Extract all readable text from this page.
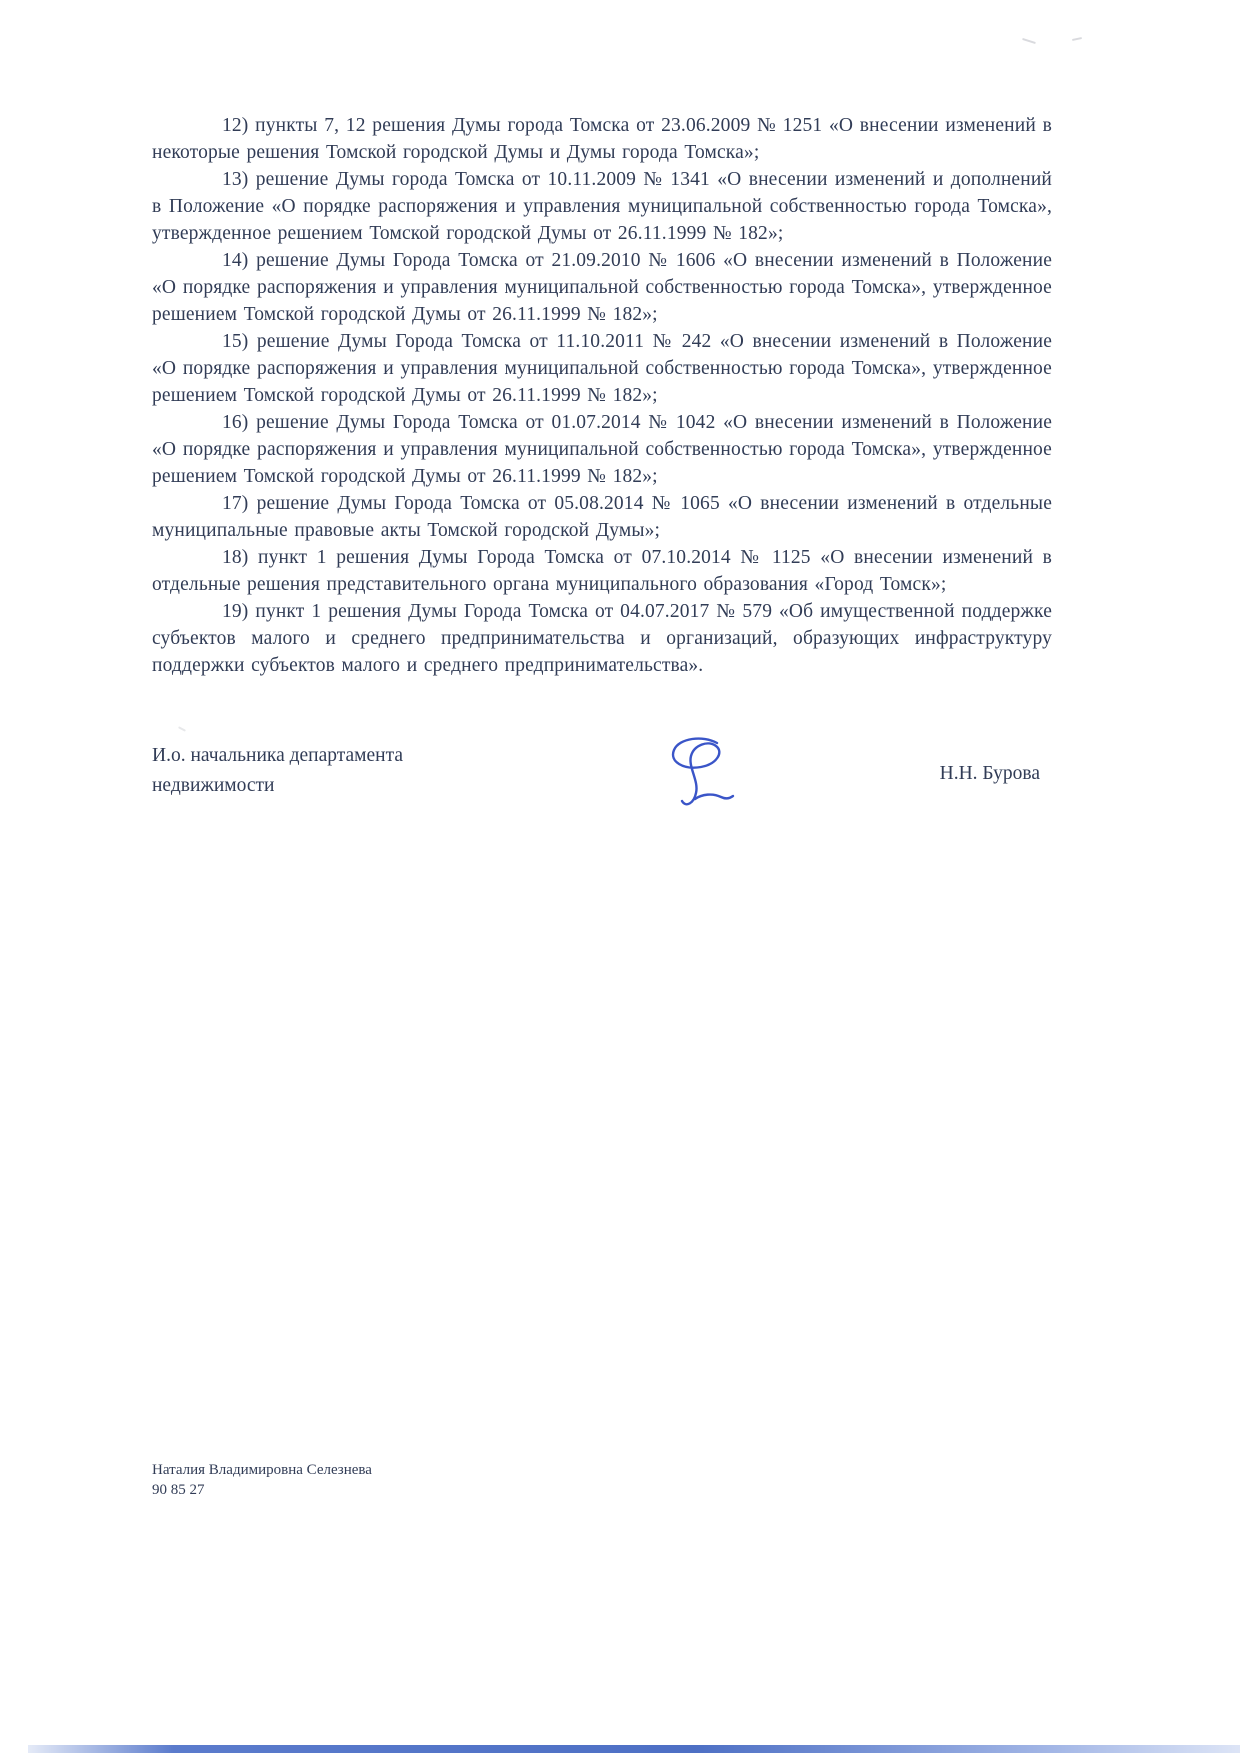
12) пункты 7, 12 решения Думы города Томска от 23.06.2009 № 1251 «О внесении изменений в некоторые решения Томской городской Думы и Думы города Томска»;

13) решение Думы города Томска от 10.11.2009 № 1341 «О внесении изменений и дополнений в Положение «О порядке распоряжения и управления муниципальной собственностью города Томска», утвержденное решением Томской городской Думы от 26.11.1999 № 182»;

14) решение Думы Города Томска от 21.09.2010 № 1606 «О внесении изменений в Положение «О порядке распоряжения и управления муниципальной собственностью города Томска», утвержденное решением Томской городской Думы от 26.11.1999 № 182»;

15) решение Думы Города Томска от 11.10.2011 № 242 «О внесении изменений в Положение «О порядке распоряжения и управления муниципальной собственностью города Томска», утвержденное решением Томской городской Думы от 26.11.1999 № 182»;

16) решение Думы Города Томска от 01.07.2014 № 1042 «О внесении изменений в Положение «О порядке распоряжения и управления муниципальной собственностью города Томска», утвержденное решением Томской городской Думы от 26.11.1999 № 182»;

17) решение Думы Города Томска от 05.08.2014 № 1065 «О внесении изменений в отдельные муниципальные правовые акты Томской городской Думы»;

18) пункт 1 решения Думы Города Томска от 07.10.2014 № 1125 «О внесении изменений в отдельные решения представительного органа муниципального образования «Город Томск»;

19) пункт 1 решения Думы Города Томска от 04.07.2017 № 579 «Об имущественной поддержке субъектов малого и среднего предпринимательства и организаций, образующих инфраструктуру поддержки субъектов малого и среднего предпринимательства».

И.о. начальника департамента
недвижимости
Н.Н. Бурова
Наталия Владимировна Селезнева
90 85 27
